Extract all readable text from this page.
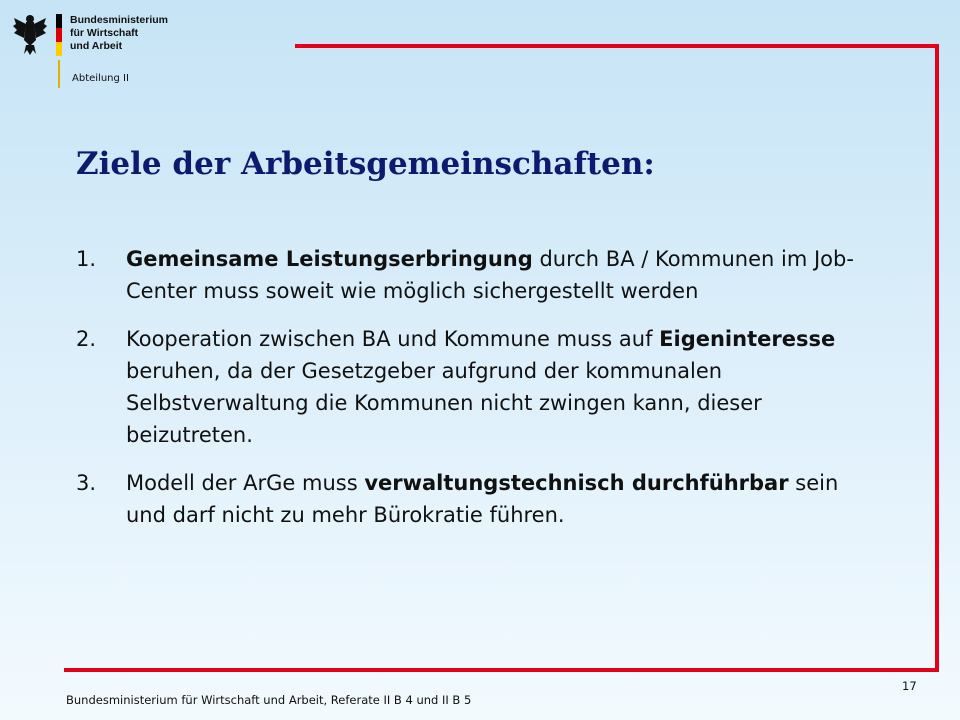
Bundesministerium
für Wirtschaft
und Arbeit
Abteilung II
Ziele der Arbeitsgemeinschaften:
1. Gemeinsame Leistungserbringung durch BA / Kommunen im Job-Center muss soweit wie möglich sichergestellt werden
2. Kooperation zwischen BA und Kommune muss auf Eigeninteresse beruhen, da der Gesetzgeber aufgrund der kommunalen Selbstverwaltung die Kommunen nicht zwingen kann, dieser beizutreten.
3. Modell der ArGe muss verwaltungstechnisch durchführbar sein und darf nicht zu mehr Bürokratie führen.
17
Bundesministerium für Wirtschaft und Arbeit, Referate II B 4 und II B 5
